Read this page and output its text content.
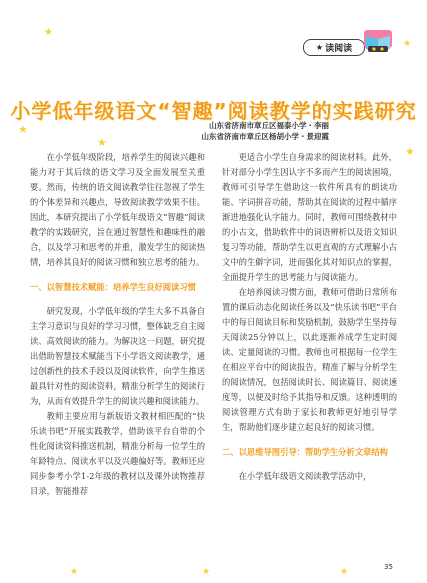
★
★
★
★
★
★	★	★
★ 读阅读
小学低年级语文“智趣”阅读教学的实践研究
山东省济南市章丘区福泰小学・李丽
山东省济南市章丘区杨胡小学・景迎霞

在小学低年级阶段，培养学生的阅读兴趣和能力对于其后续的语文学习及全面发展至关重要。然而，传统的语文阅读教学往往忽视了学生的个体差异和兴趣点，导致阅读教学效果不佳。因此，本研究提出了小学低年级语文“智趣”阅读教学的实践研究，旨在通过智慧性和趣味性的融合，以及学习和思考的并重，激发学生的阅读热情，培养其良好的阅读习惯和独立思考的能力。

一、以智慧技术赋能：培养学生良好阅读习惯

研究发现，小学低年级的学生大多不具备自主学习意识与良好的学习习惯，整体缺乏自主阅读、高效阅读的能力。为解决这一问题，研究提出借助智慧技术赋能当下小学语文阅读教学，通过创新性的技术手段以及阅读软件，向学生推送最具针对性的阅读资料，精准分析学生的阅读行为，从而有效提升学生的阅读兴趣和阅读能力。

教师主要应用与新版语文教材相匹配的“快乐读书吧”开展实践教学，借助该平台自带的个性化阅读资料推送机制，精准分析每一位学生的年龄特点、阅读水平以及兴趣偏好等。教师还应同步参考小学1-2年级的教材以及课外读物推荐目录，智能推荐

更适合小学生自身需求的阅读材料。此外，针对部分小学生因认字不多而产生的阅读困境，教师可引导学生借助这一软件所具有的朗读功能、字词拼音功能，帮助其在阅读的过程中循序渐进地强化认字能力。同时，教师可围绕教材中的小古文，借助软件中的词语辨析以及语文知识复习等功能，帮助学生以更直观的方式理解小古文中的生僻字词，进而强化其对知识点的掌握，全面提升学生的思考能力与阅读能力。

在培养阅读习惯方面，教师可借助日常所布置的课后动态化阅读任务以及“快乐读书吧”平台中的每日阅读目标和奖励机制，鼓励学生坚持每天阅读25分钟以上，以此逐渐养成学生定时阅读、定量阅读的习惯。教师也可根据每一位学生在相应平台中的阅读报告，精准了解与分析学生的阅读情况，包括阅读时长、阅读篇目、阅读速度等，以便及时给予其指导和反馈。这种透明的阅读管理方式有助于家长和教师更好地引导学生，帮助他们逐步建立起良好的阅读习惯。

二、以思维导图引导：帮助学生分析文章结构

在小学低年级语文阅读教学活动中，

35
